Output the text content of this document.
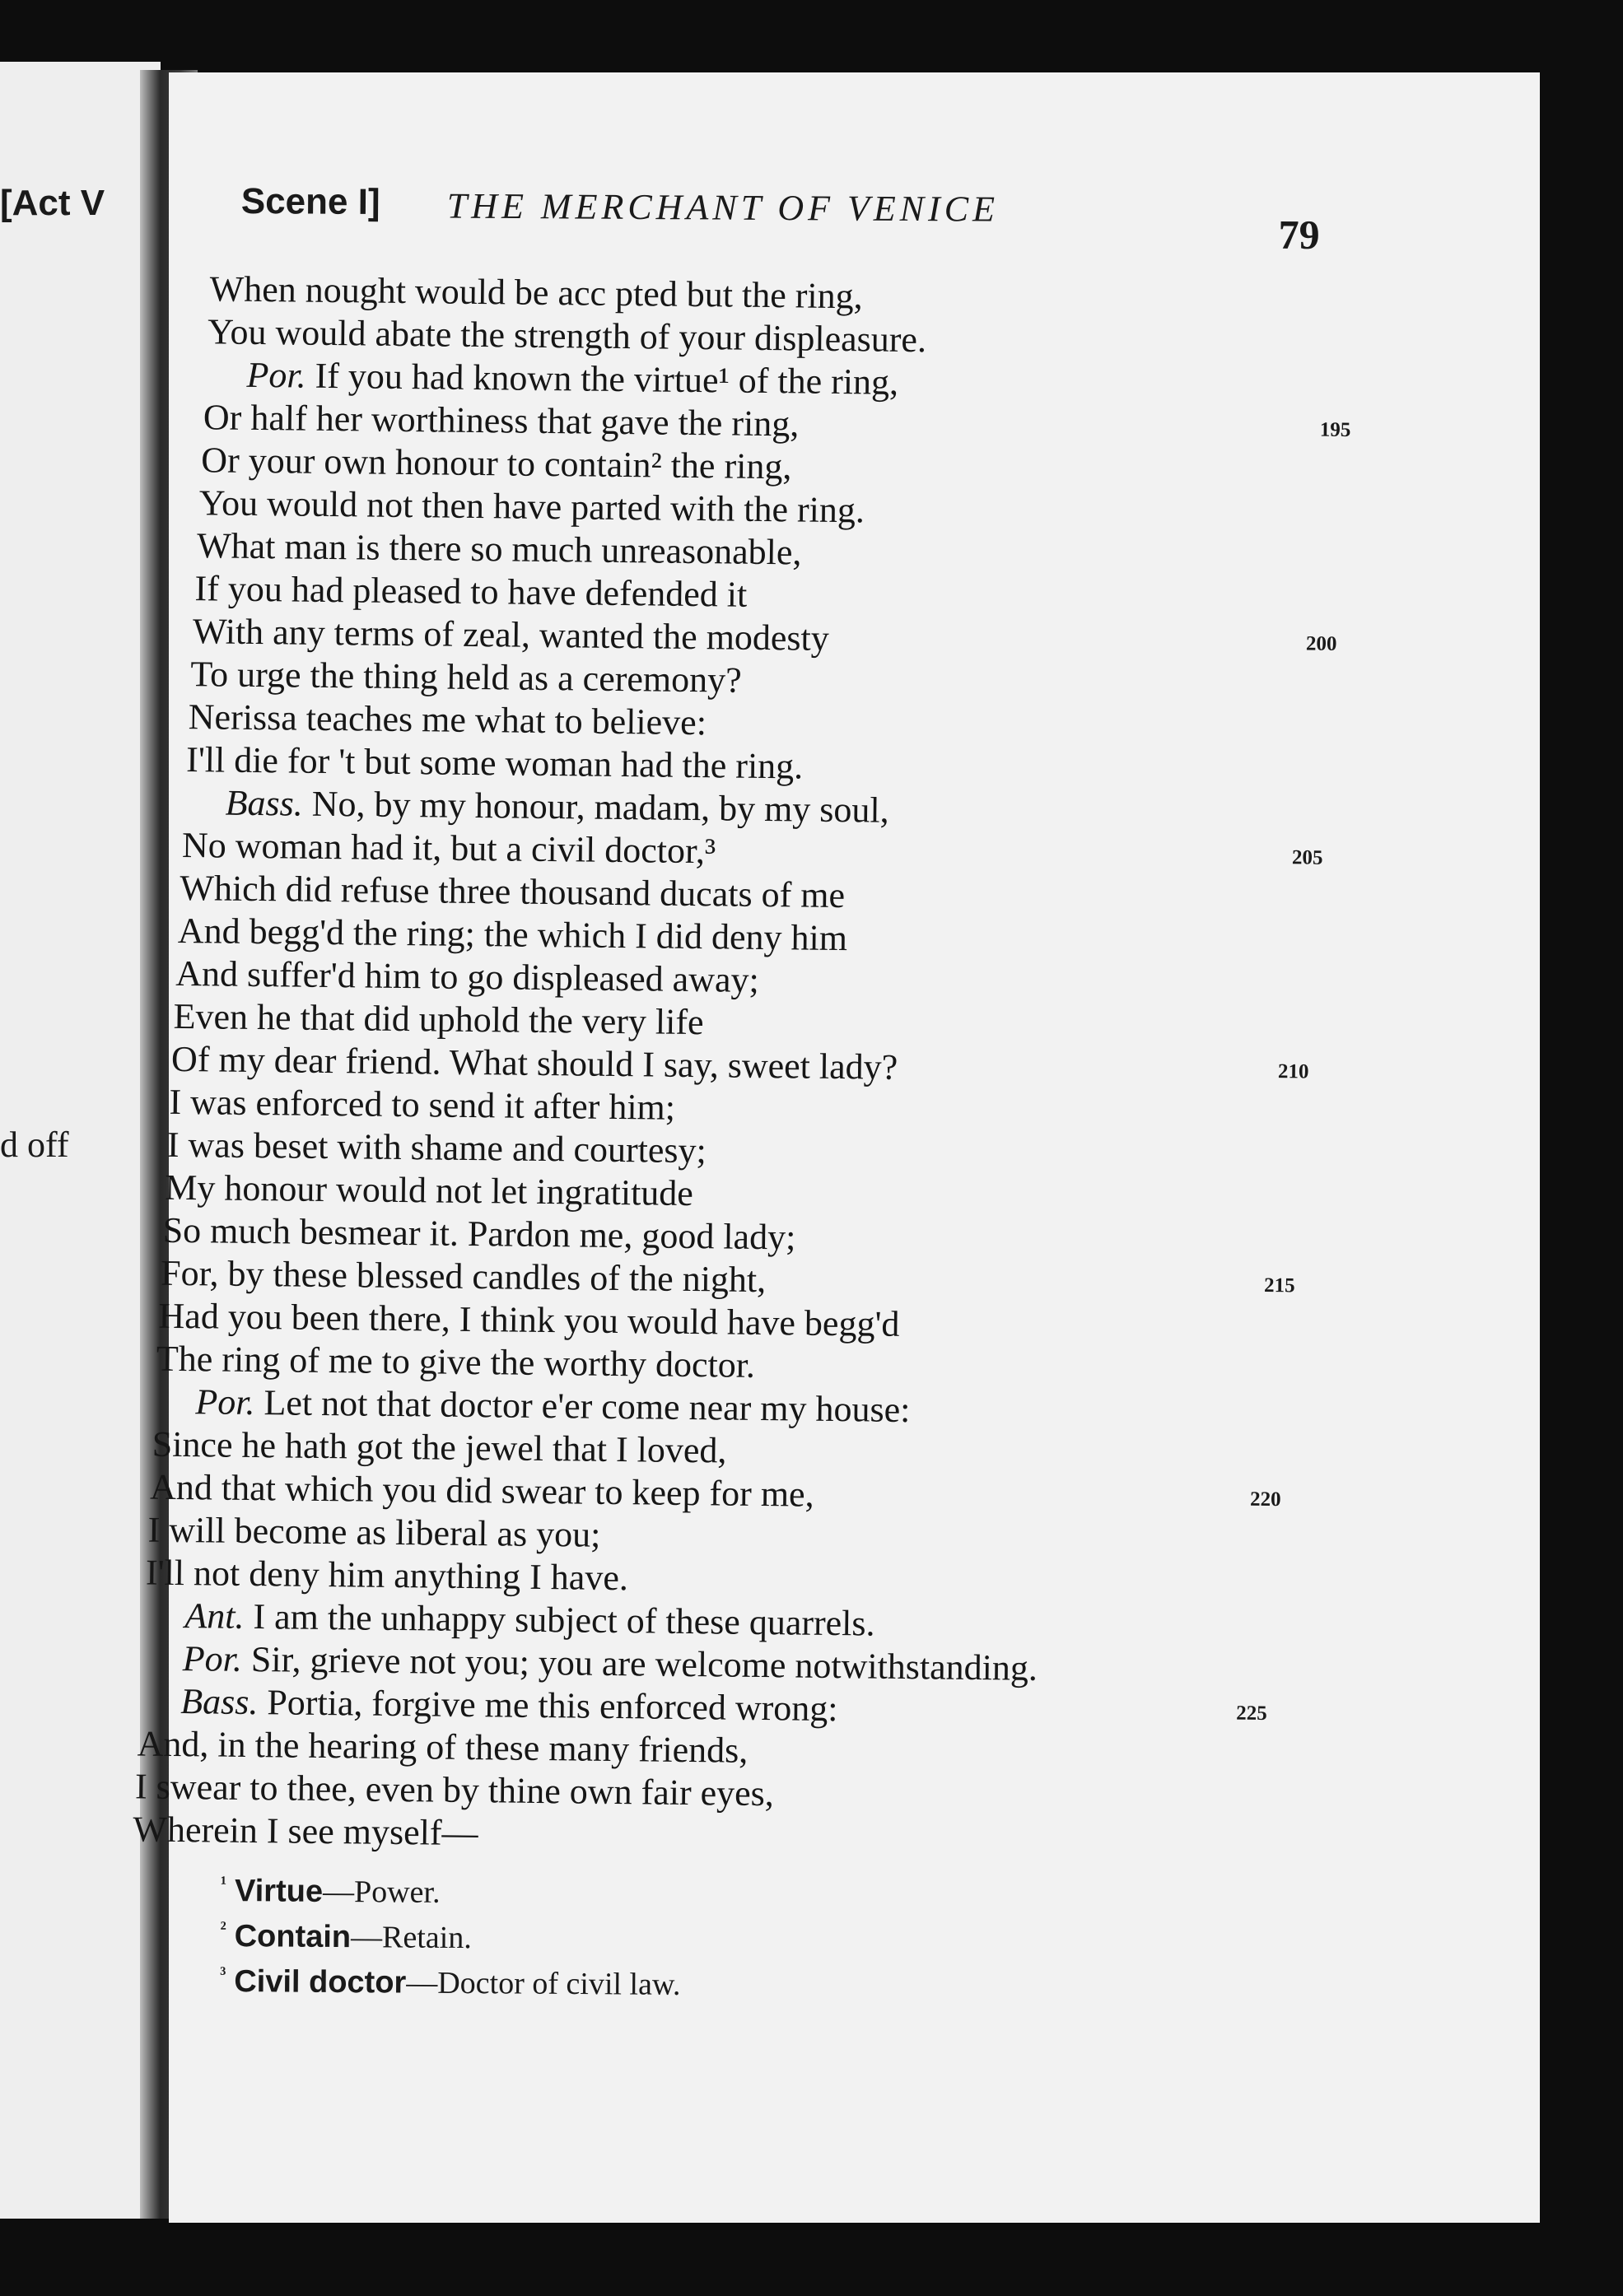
[Act V
d off
Scene I] THE MERCHANT OF VENICE
79
When nought would be acc pted but the ring,
You would abate the strength of your displeasure.
Por. If you had known the virtue¹ of the ring,
Or half her worthiness that gave the ring,
Or your own honour to contain² the ring,
You would not then have parted with the ring.
What man is there so much unreasonable,
If you had pleased to have defended it
With any terms of zeal, wanted the modesty
To urge the thing held as a ceremony?
Nerissa teaches me what to believe:
I'll die for 't but some woman had the ring.
Bass. No, by my honour, madam, by my soul,
No woman had it, but a civil doctor,³
Which did refuse three thousand ducats of me
And begg'd the ring; the which I did deny him
And suffer'd him to go displeased away;
Even he that did uphold the very life
Of my dear friend. What should I say, sweet lady?
I was enforced to send it after him;
I was beset with shame and courtesy;
My honour would not let ingratitude
So much besmear it. Pardon me, good lady;
For, by these blessed candles of the night,
Had you been there, I think you would have begg'd
The ring of me to give the worthy doctor.
Por. Let not that doctor e'er come near my house:
Since he hath got the jewel that I loved,
And that which you did swear to keep for me,
I will become as liberal as you;
I'll not deny him anything I have.
Ant. I am the unhappy subject of these quarrels.
Por. Sir, grieve not you; you are welcome notwithstanding.
Bass. Portia, forgive me this enforced wrong:
And, in the hearing of these many friends,
I swear to thee, even by thine own fair eyes,
Wherein I see myself—
195
200
205
210
215
220
225
$^{^1}$ Virtue—Power.
$^{^2}$ Contain—Retain.
$^{^3}$ Civil doctor—Doctor of civil law.
